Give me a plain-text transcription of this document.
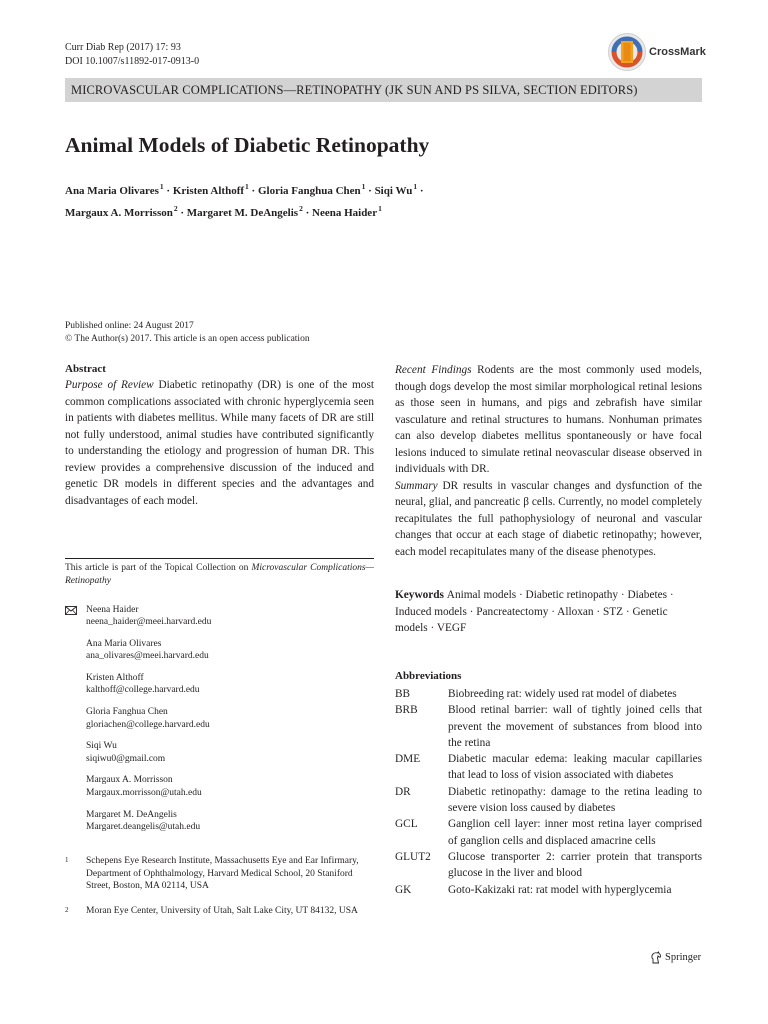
Curr Diab Rep (2017) 17: 93
DOI 10.1007/s11892-017-0913-0
CrossMark
MICROVASCULAR COMPLICATIONS—RETINOPATHY (JK SUN AND PS SILVA, SECTION EDITORS)
Animal Models of Diabetic Retinopathy
Ana Maria Olivares$^1$ · Kristen Althoff$^1$ · Gloria Fanghua Chen$^1$ · Siqi $Wu^1$ ·
Margaux A. Morrisson$^2$ · Margaret M. DeAngelis$^2$ · Neena Haider$^1$
Published online: 24 August 2017
© The Author(s) 2017. This article is an open access publication
Abstract

Purpose of Review Diabetic retinopathy (DR) is one of the most common complications associated with chronic hyperglycemia seen in patients with diabetes mellitus. While many facets of DR are still not fully understood, animal studies have contributed significantly to understanding the etiology and progression of human DR. This review provides a comprehensive discussion of the induced and genetic DR models in different species and the advantages and disadvantages of each model.

Recent Findings Rodents are the most commonly used models, though dogs develop the most similar morphological retinal lesions as those seen in humans, and pigs and zebrafish have similar vasculature and retinal structures to humans. Nonhuman primates can also develop diabetes mellitus spontaneously or have focal lesions induced to simulate retinal neovascular disease observed in individuals with DR.

Summary DR results in vascular changes and dysfunction of the neural, glial, and pancreatic β cells. Currently, no model completely recapitulates the full pathophysiology of neuronal and vascular changes that occur at each stage of diabetic retinopathy; however, each model recapitulates many of the disease phenotypes.

This article is part of the Topical Collection on Microvascular Complications—Retinopathy
Neena Haider
neena_haider@meei.harvard.edu
Ana Maria Olivares
ana_olivares@meei.harvard.edu
Kristen Althoff
kalthoff@college.harvard.edu
Gloria Fanghua Chen
gloriachen@college.harvard.edu
Siqi Wu
siqiwu0@gmail.com
Margaux A. Morrisson
Margaux.morrisson@utah.edu
Margaret M. DeAngelis
Margaret.deangelis@utah.edu
1	Schepens Eye Research Institute, Massachusetts Eye and Ear Infirmary, Department of Ophthalmology, Harvard Medical School, 20 Staniford Street, Boston, MA 02114, USA
2	Moran Eye Center, University of Utah, Salt Lake City, UT 84132, USA
Keywords Animal models · Diabetic retinopathy · Diabetes · Induced models · Pancreatectomy · Alloxan · STZ · Genetic models · VEGF
Abbreviations
BB	Biobreeding rat: widely used rat model of diabetes
BRB	Blood retinal barrier: wall of tightly joined cells that prevent the movement of substances from blood into the retina
DME	Diabetic macular edema: leaking macular capillaries that lead to loss of vision associated with diabetes
DR	Diabetic retinopathy: damage to the retina leading to severe vision loss caused by diabetes
GCL	Ganglion cell layer: inner most retina layer comprised of ganglion cells and displaced amacrine cells
GLUT2	Glucose transporter 2: carrier protein that transports glucose in the liver and blood
GK	Goto-Kakizaki rat: rat model with hyperglycemia
Springer
